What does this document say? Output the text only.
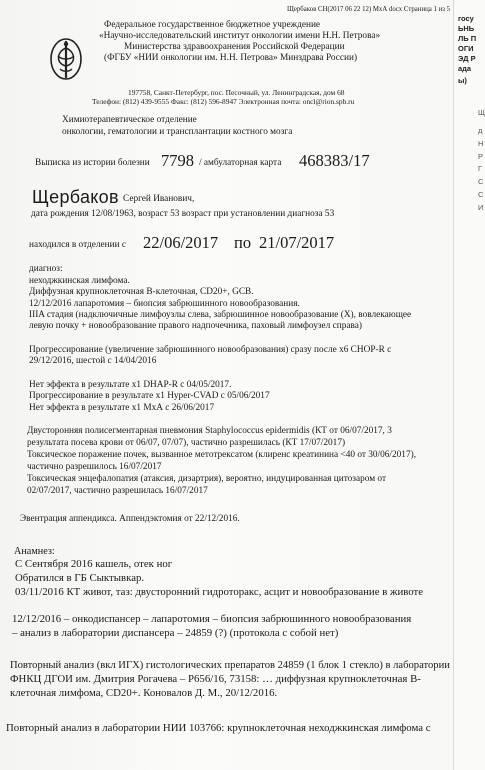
Щербаков СН(2017 06 22 12) МхА docx Страница 1 из 5
Федеральное государственное бюджетное учреждение
«Научно-исследовательский институт онкологии имени Н.Н. Петрова»
Министерства здравоохранения Российской Федерации
(ФГБУ «НИИ онкологии им. Н.Н. Петрова» Минздрава России)
197758, Санкт-Петербург, пос. Песочный, ул. Ленинградская, дом 68
Телефон: (812) 439-9555 Факс: (812) 596-8947 Электронная почта: oncl@rion.spb.ru
Химиотерапевтическое отделение
онкологии, гематологии и трансплантации костного мозга
Выписка из истории болезни 7798 / амбулаторная карта 468383/17
Щербаков Сергей Иванович,
дата рождения 12/08/1963, возраст 53 возраст при установлении диагноза 53
находился в отделении с 22/06/2017 по 21/07/2017
диагноз:
неходжкинская лимфома.
Диффузная крупноклеточная В-клеточная, CD20+, GCB.
12/12/2016 лапаротомия – биопсия забрюшинного новообразования.
IIIA стадия (надключичные лимфоузлы слева, забрюшинное новообразование (Х), вовлекающее
левую почку + новообразование правого надпочечника, паховый лимфоузел справа)
Прогрессирование (увеличение забрюшинного новообразования) сразу после х6 CHOP-R с
29/12/2016, шестой с 14/04/2016
Нет эффекта в результате х1 DHAP-R с 04/05/2017.
Прогрессирование в результате х1 Hyper-CVAD с 05/06/2017
Нет эффекта в результате х1 МхА с 26/06/2017
Двусторонняя полисегментарная пневмония Staphylococcus epidermidis (КТ от 06/07/2017, 3
результата посева крови от 06/07, 07/07), частично разрешилась (КТ 17/07/2017)
Токсическое поражение почек, вызванное метотрексатом (клиренс креатинина <40 от 30/06/2017),
частично разрешилось 16/07/2017
Токсическая энцефалопатия (атаксия, дизартрия), вероятно, индуцированная цитозаром от
02/07/2017, частично разрешилась 16/07/2017
Эвентрация аппендикса. Аппендэктомия от 22/12/2016.
Анамнез:
С Сентября 2016 кашель, отек ног
Обратился в ГБ Сыктывкар.
03/11/2016 КТ живот, таз: двусторонний гидроторакс, асцит и новообразование в животе
12/12/2016 – онкодиспансер – лапаротомия – биопсия забрюшинного новообразования
– анализ в лаборатории диспансера – 24859 (?) (протокола с собой нет)
Повторный анализ (вкл ИГХ) гистологических препаратов 24859 (1 блок 1 стекло) в лаборатории
ФНКЦ ДГОИ им. Дмитрия Рогачева – Р656/16, 73158: … диффузная крупноклеточная В-
клеточная лимфома, CD20+. Коновалов Д. М., 20/12/2016.
Повторный анализ в лаборатории НИИ 103766: крупноклеточная неходжкинская лимфома с
госу
ЬНЬ
ЛЬ П
ОГИ
ЭД Р
ада
ы)
Щ
д
Н
Р
Г
С
С
И
